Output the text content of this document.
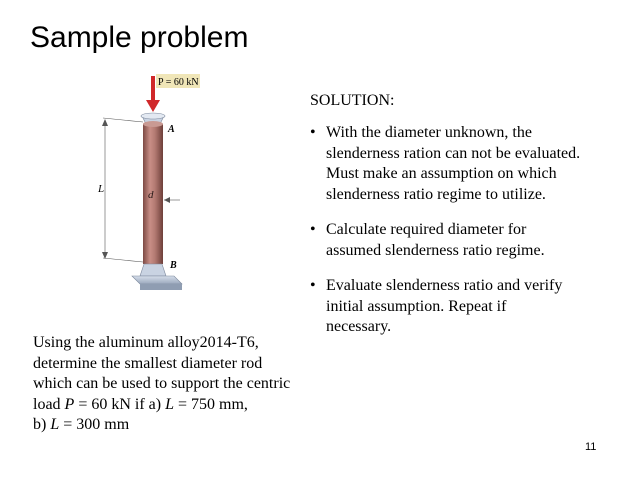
Sample problem
P = 60 kN
L	d
A
B
SOLUTION:
• With the diameter unknown, the
slenderness ration can not be evaluated.
Must make an assumption on which
slenderness ratio regime to utilize.
• Calculate required diameter for
assumed slenderness ratio regime.
• Evaluate slenderness ratio and verify
initial assumption. Repeat if
necessary.
Using the aluminum alloy2014-T6,
determine the smallest diameter rod
which can be used to support the centric
load P = 60 kN if a) L = 750 mm,
b) L = 300 mm
11
